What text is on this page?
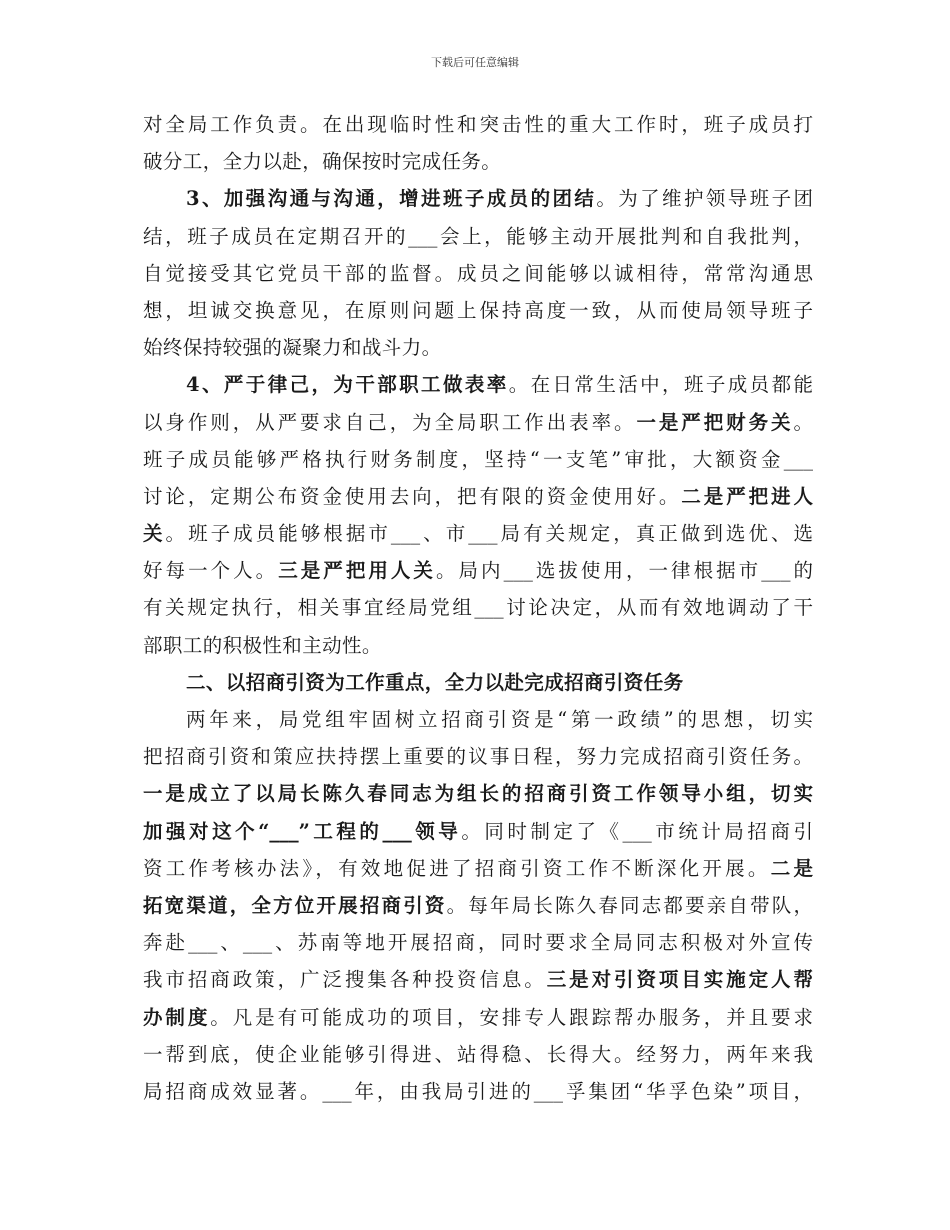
下载后可任意编辑
对全局工作负责。在出现临时性和突击性的重大工作时，班子成员打
破分工，全力以赴，确保按时完成任务。
3、加强沟通与沟通，增进班子成员的团结。为了维护领导班子团
结，班子成员在定期召开的___会上，能够主动开展批判和自我批判，
自觉接受其它党员干部的监督。成员之间能够以诚相待，常常沟通思
想，坦诚交换意见，在原则问题上保持高度一致，从而使局领导班子
始终保持较强的凝聚力和战斗力。
4、严于律己，为干部职工做表率。在日常生活中，班子成员都能
以身作则，从严要求自己，为全局职工作出表率。一是严把财务关。
班子成员能够严格执行财务制度，坚持“一支笔”审批，大额资金___
讨论，定期公布资金使用去向，把有限的资金使用好。二是严把进人
关。班子成员能够根据市___、市___局有关规定，真正做到选优、选
好每一个人。三是严把用人关。局内___选拔使用，一律根据市___的
有关规定执行，相关事宜经局党组___讨论决定，从而有效地调动了干
部职工的积极性和主动性。
二、以招商引资为工作重点，全力以赴完成招商引资任务
两年来，局党组牢固树立招商引资是“第一政绩”的思想，切实
把招商引资和策应扶持摆上重要的议事日程，努力完成招商引资任务。
一是成立了以局长陈久春同志为组长的招商引资工作领导小组，切实
加强对这个“___”工程的___领导。同时制定了《___市统计局招商引
资工作考核办法》，有效地促进了招商引资工作不断深化开展。二是
拓宽渠道，全方位开展招商引资。每年局长陈久春同志都要亲自带队，
奔赴___、___、苏南等地开展招商，同时要求全局同志积极对外宣传
我市招商政策，广泛搜集各种投资信息。三是对引资项目实施定人帮
办制度。凡是有可能成功的项目，安排专人跟踪帮办服务，并且要求
一帮到底，使企业能够引得进、站得稳、长得大。经努力，两年来我
局招商成效显著。___年，由我局引进的___孚集团“华孚色染”项目，
